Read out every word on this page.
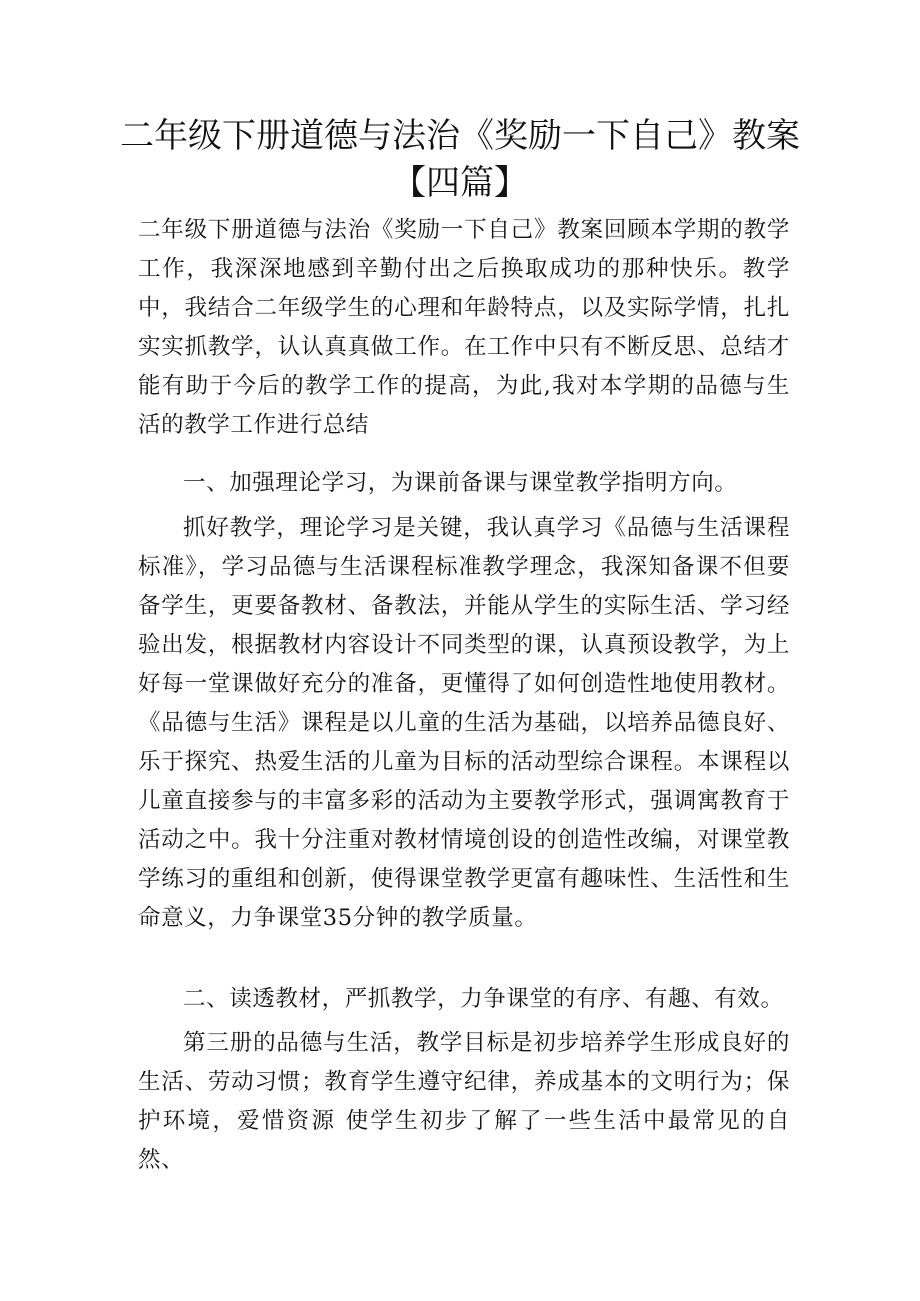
二年级下册道德与法治《奖励一下自己》教案
【四篇】

二年级下册道德与法治《奖励一下自己》教案回顾本学期的教学工作，我深深地感到辛勤付出之后换取成功的那种快乐。教学中，我结合二年级学生的心理和年龄特点，以及实际学情，扎扎实实抓教学，认认真真做工作。在工作中只有不断反思、总结才能有助于今后的教学工作的提高，为此,我对本学期的品德与生活的教学工作进行总结

一、加强理论学习，为课前备课与课堂教学指明方向。

抓好教学，理论学习是关键，我认真学习《品德与生活课程标准》，学习品德与生活课程标准教学理念，我深知备课不但要备学生，更要备教材、备教法，并能从学生的实际生活、学习经验出发，根据教材内容设计不同类型的课，认真预设教学，为上好每一堂课做好充分的准备，更懂得了如何创造性地使用教材。《品德与生活》课程是以儿童的生活为基础，以培养品德良好、乐于探究、热爱生活的儿童为目标的活动型综合课程。本课程以儿童直接参与的丰富多彩的活动为主要教学形式，强调寓教育于活动之中。我十分注重对教材情境创设的创造性改编，对课堂教学练习的重组和创新，使得课堂教学更富有趣味性、生活性和生命意义，力争课堂35分钟的教学质量。

二、读透教材，严抓教学，力争课堂的有序、有趣、有效。

第三册的品德与生活，教学目标是初步培养学生形成良好的生活、劳动习惯；教育学生遵守纪律，养成基本的文明行为；保护环境，爱惜资源 使学生初步了解了一些生活中最常见的自然、
